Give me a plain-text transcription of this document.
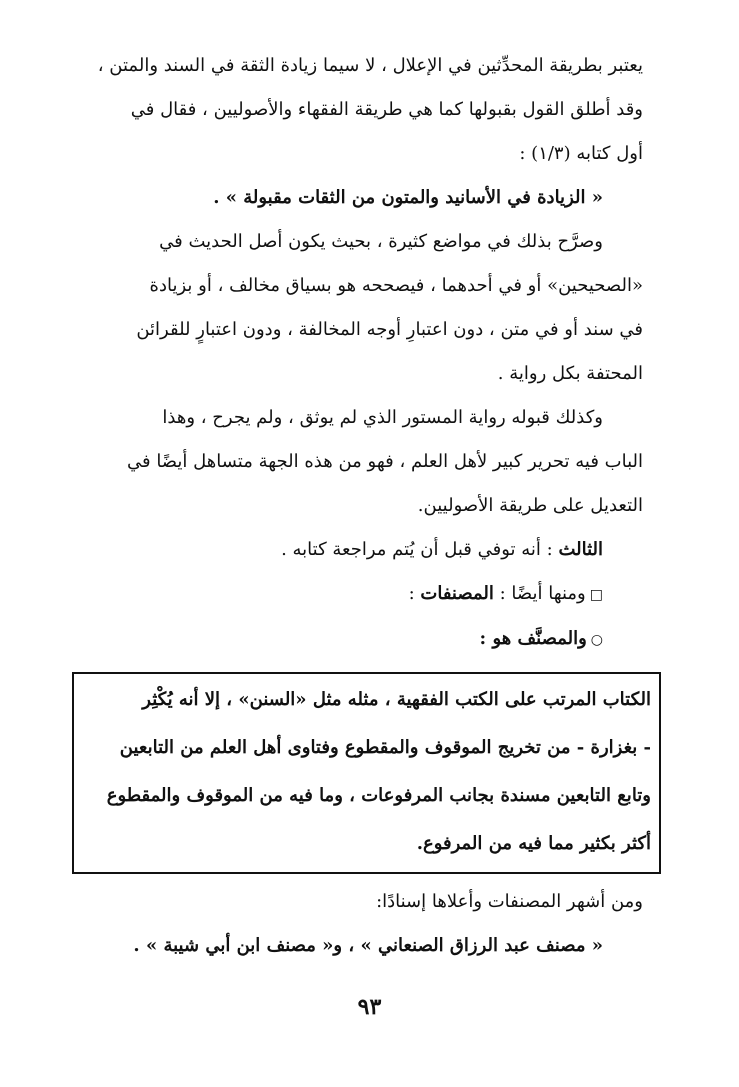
يعتبر بطريقة المحدِّثين في الإعلال ، لا سيما زيادة الثقة في السند والمتن ،
وقد أطلق القول بقبولها كما هي طريقة الفقهاء والأصوليين ، فقال في
أول كتابه (١/٣) :

« الزيادة في الأسانيد والمتون من الثقات مقبولة » .

وصرَّح بذلك في مواضع كثيرة ، بحيث يكون أصل الحديث في
«الصحيحين» أو في أحدهما ، فيصححه هو بسياق مخالف ، أو بزيادة
في سند أو في متن ، دون اعتبارِ أوجه المخالفة ، ودون اعتبارٍ للقرائن
المحتفة بكل رواية .

وكذلك قبوله رواية المستور الذي لم يوثق ، ولم يجرح ، وهذا
الباب فيه تحرير كبير لأهل العلم ، فهو من هذه الجهة متساهل أيضًا في
التعديل على طريقة الأصوليين.

الثالث : أنه توفي قبل أن يُتم مراجعة كتابه .

□ومنها أيضًا : المصنفات :

○والمصنَّف هو :

الكتاب المرتب على الكتب الفقهية ، مثله مثل «السنن» ، إلا أنه يُكْثِر
- بغزارة - من تخريج الموقوف والمقطوع وفتاوى أهل العلم من التابعين
وتابع التابعين مسندة بجانب المرفوعات ، وما فيه من الموقوف والمقطوع
أكثر بكثير مما فيه من المرفوع.

ومن أشهر المصنفات وأعلاها إسنادًا:

« مصنف عبد الرزاق الصنعاني » ، و« مصنف ابن أبي شيبة » .

٩٣
